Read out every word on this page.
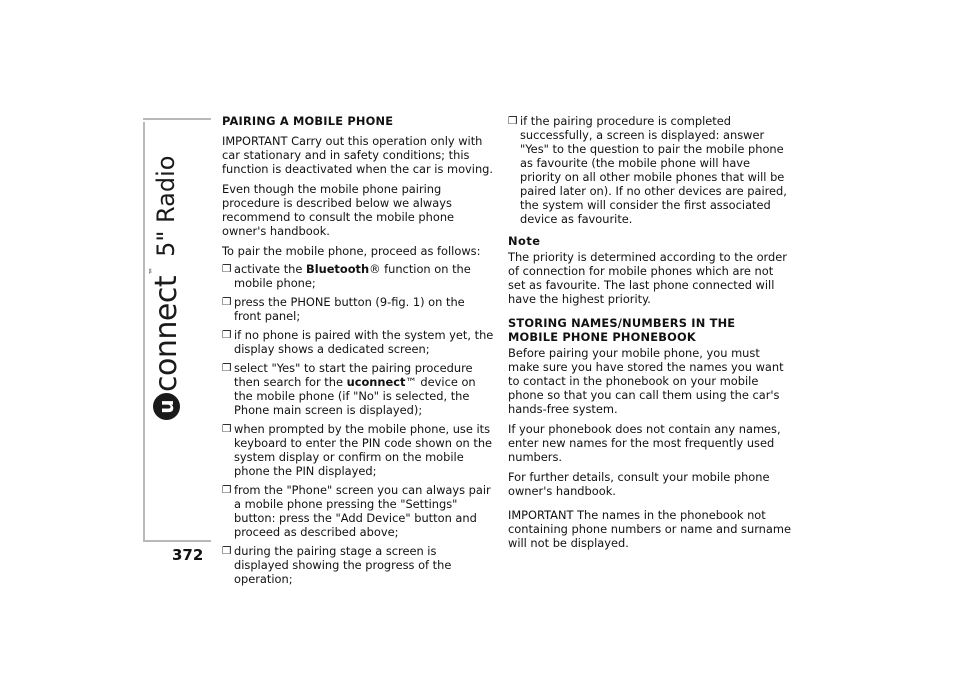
u
connect
™
5" Radio
372
PAIRING A MOBILE PHONE

IMPORTANT Carry out this operation only with car stationary and in safety conditions; this function is deactivated when the car is moving.

Even though the mobile phone pairing procedure is described below we always recommend to consult the mobile phone owner's handbook.

To pair the mobile phone, proceed as follows:

❒ activate the Bluetooth® function on the mobile phone;
❒ press the PHONE button (9-fig. 1) on the front panel;
❒ if no phone is paired with the system yet, the display shows a dedicated screen;
❒ select "Yes" to start the pairing procedure then search for the uconnect™ device on the mobile phone (if "No" is selected, the Phone main screen is displayed);
❒ when prompted by the mobile phone, use its keyboard to enter the PIN code shown on the system display or confirm on the mobile phone the PIN displayed;
❒ from the "Phone" screen you can always pair a mobile phone pressing the "Settings" button: press the "Add Device" button and proceed as described above;
❒ during the pairing stage a screen is displayed showing the progress of the operation;
❒ if the pairing procedure is completed successfully, a screen is displayed: answer "Yes" to the question to pair the mobile phone as favourite (the mobile phone will have priority on all other mobile phones that will be paired later on). If no other devices are paired, the system will consider the first associated device as favourite.
Note

The priority is determined according to the order of connection for mobile phones which are not set as favourite. The last phone connected will have the highest priority.

STORING NAMES/NUMBERS IN THE
MOBILE PHONE PHONEBOOK

Before pairing your mobile phone, you must make sure you have stored the names you want to contact in the phonebook on your mobile phone so that you can call them using the car's hands-free system.

If your phonebook does not contain any names, enter new names for the most frequently used numbers.

For further details, consult your mobile phone owner's handbook.

IMPORTANT The names in the phonebook not containing phone numbers or name and surname will not be displayed.
